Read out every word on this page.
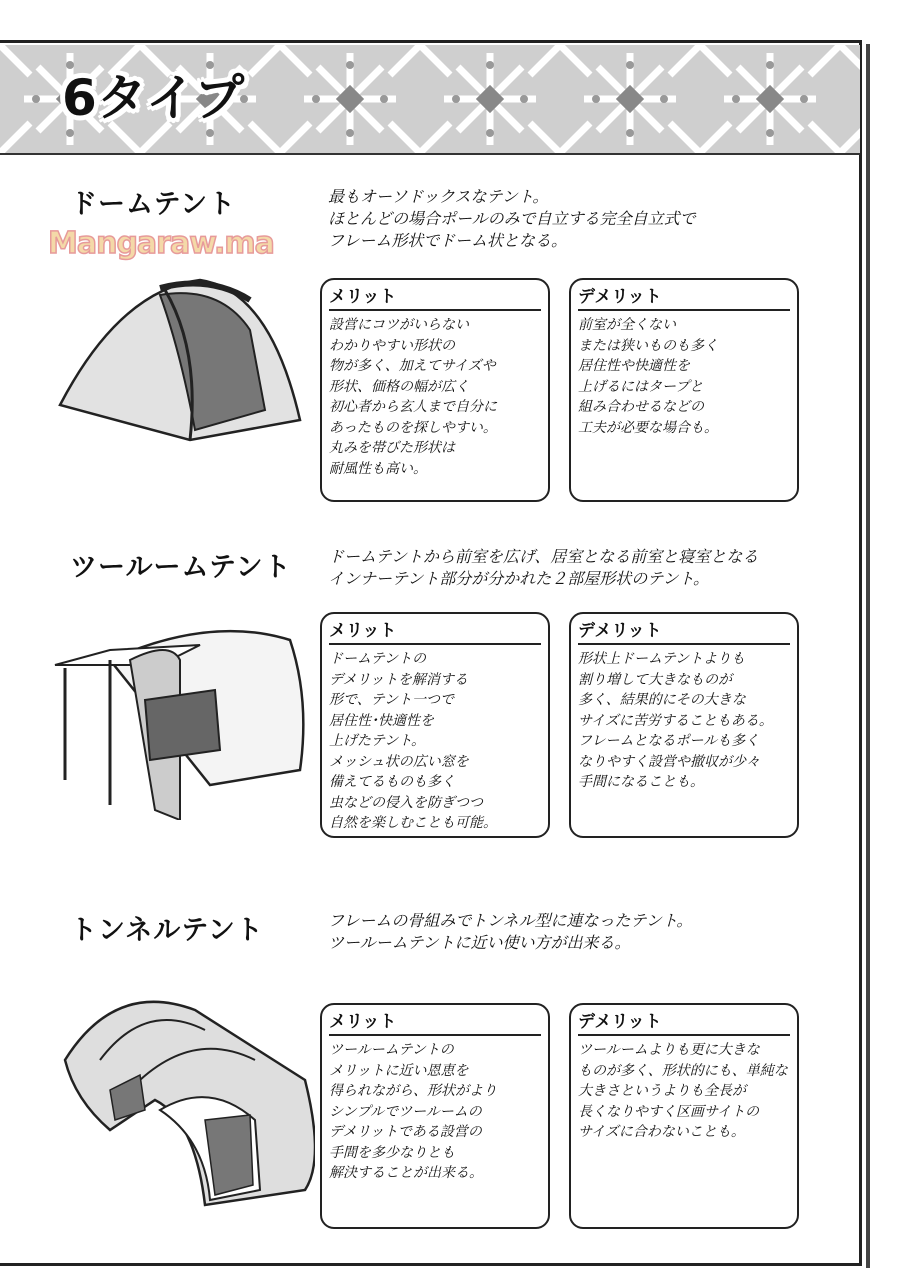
6タイプ
Mangaraw.ma
ドームテント	最もオーソドックスなテント。
ほとんどの場合ポールのみで自立する完全自立式で
フレーム形状でドーム状となる。
メリット
設営にコツがいらない
わかりやすい形状の
物が多く、加えてサイズや
形状、価格の幅が広く
初心者から玄人まで自分に
あったものを探しやすい。
丸みを帯びた形状は
耐風性も高い。
デメリット
前室が全くない
または狭いものも多く
居住性や快適性を
上げるにはタープと
組み合わせるなどの
工夫が必要な場合も。
ツールームテント ドームテントから前室を広げ、居室となる前室と寝室となる
インナーテント部分が分かれた２部屋形状のテント。
メリット
ドームテントの
デメリットを解消する
形で、テント一つで
居住性･快適性を
上げたテント。
メッシュ状の広い窓を
備えてるものも多く
虫などの侵入を防ぎつつ
自然を楽しむことも可能。
デメリット
形状上ドームテントよりも
割り増して大きなものが
多く、結果的にその大きな
サイズに苦労することもある。
フレームとなるポールも多く
なりやすく設営や撤収が少々
手間になることも。
トンネルテント	フレームの骨組みでトンネル型に連なったテント。
ツールームテントに近い使い方が出来る。
メリット
ツールームテントの
メリットに近い恩恵を
得られながら、形状がより
シンプルでツールームの
デメリットである設営の
手間を多少なりとも
解決することが出来る。
デメリット
ツールームよりも更に大きな
ものが多く、形状的にも、単純な
大きさというよりも全長が
長くなりやすく区画サイトの
サイズに合わないことも。
